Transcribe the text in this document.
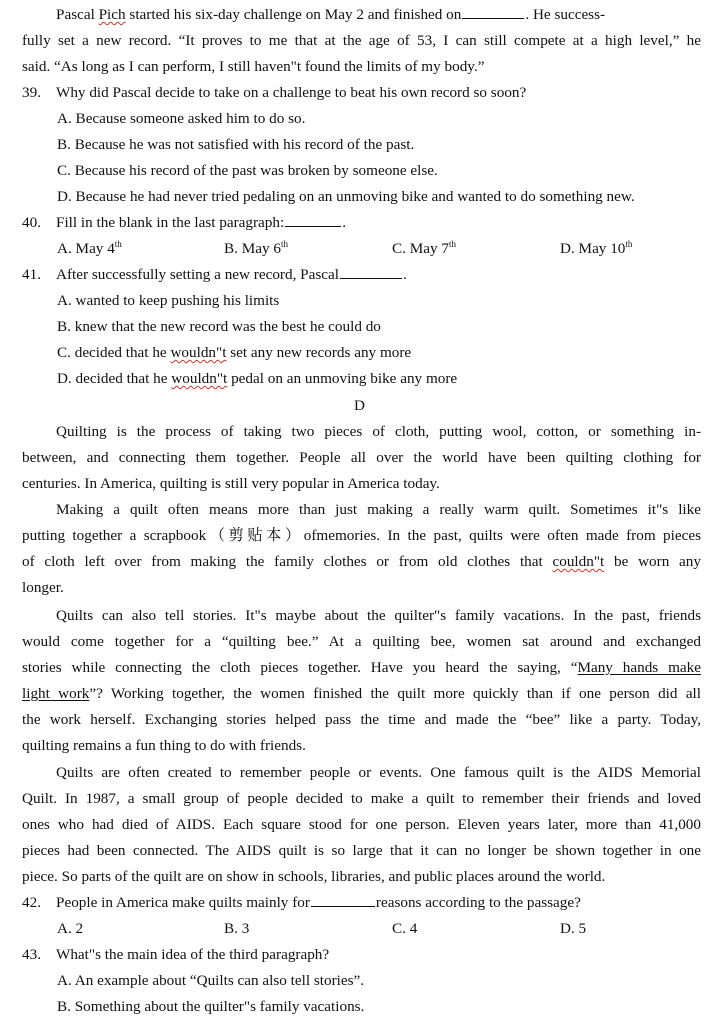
Pascal Pich started his six-day challenge on May 2 and finished on	. He success-
fully set a new record. “It proves to me that at the age of 53, I can still compete at a high level,” he
said. “As long as I can perform, I still haven"t found the limits of my body.”
39. Why did Pascal decide to take on a challenge to beat his own record so soon?
A. Because someone asked him to do so.
B. Because he was not satisfied with his record of the past.
C. Because his record of the past was broken by someone else.
D. Because he had never tried pedaling on an unmoving bike and wanted to do something new.
40. Fill in the blank in the last paragraph:	.
A. May 4th	B. May 6th	C. May 7th	D. May 10th
41. After successfully setting a new record, Pascal	.
A. wanted to keep pushing his limits
B. knew that the new record was the best he could do
C. decided that he wouldn"t set any new records any more
D. decided that he wouldn"t pedal on an unmoving bike any more
D
Quilting is the process of taking two pieces of cloth, putting wool, cotton, or something in-
between, and connecting them together. People all over the world have been quilting clothing for
centuries. In America, quilting is still very popular in America today.
Making a quilt often means more than just making a really warm quilt. Sometimes it"s like
putting together a scrapbook（剪贴本）ofmemories. In the past, quilts were often made from pieces
of cloth left over from making the family clothes or from old clothes that couldn"t be worn any
longer.
Quilts can also tell stories. It"s maybe about the quilter"s family vacations. In the past, friends
would come together for a “quilting bee.” At a quilting bee, women sat around and exchanged
stories while connecting the cloth pieces together. Have you heard the saying, “Many hands make
light work”? Working together, the women finished the quilt more quickly than if one person did all
the work herself. Exchanging stories helped pass the time and made the “bee” like a party. Today,
quilting remains a fun thing to do with friends.
Quilts are often created to remember people or events. One famous quilt is the AIDS Memorial
Quilt. In 1987, a small group of people decided to make a quilt to remember their friends and loved
ones who had died of AIDS. Each square stood for one person. Eleven years later, more than 41,000
pieces had been connected. The AIDS quilt is so large that it can no longer be shown together in one
piece. So parts of the quilt are on show in schools, libraries, and public places around the world.
42. People in America make quilts mainly for	reasons according to the passage?
A. 2	B. 3	C. 4	D. 5
43. What"s the main idea of the third paragraph?
A. An example about “Quilts can also tell stories”.
B. Something about the quilter"s family vacations.
